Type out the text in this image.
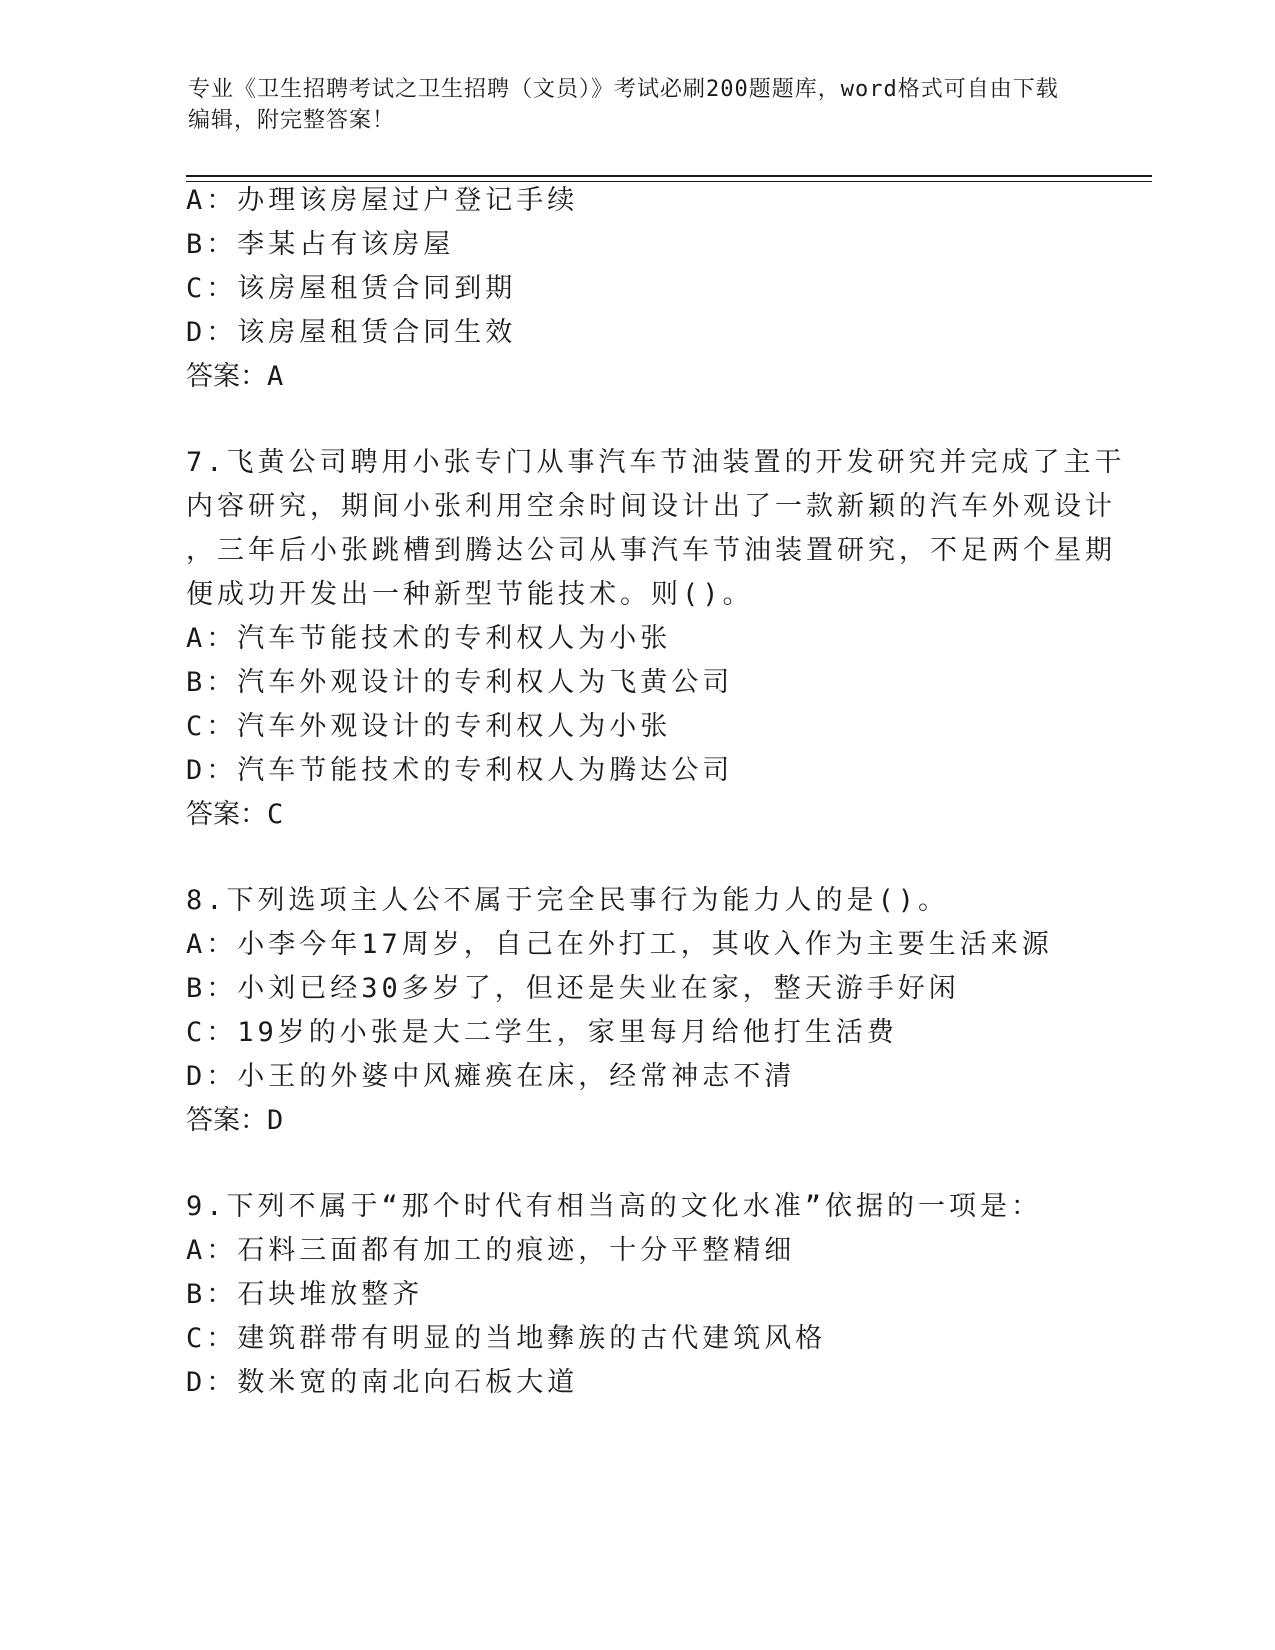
专业《卫生招聘考试之卫生招聘（文员）》考试必刷200题题库，word格式可自由下载编辑，附完整答案！
A：办理该房屋过户登记手续
B：李某占有该房屋
C：该房屋租赁合同到期
D：该房屋租赁合同生效
答案：A
7.飞黄公司聘用小张专门从事汽车节油装置的开发研究并完成了主干
内容研究，期间小张利用空余时间设计出了一款新颖的汽车外观设计
，三年后小张跳槽到腾达公司从事汽车节油装置研究，不足两个星期
便成功开发出一种新型节能技术。则()。
A：汽车节能技术的专利权人为小张
B：汽车外观设计的专利权人为飞黄公司
C：汽车外观设计的专利权人为小张
D：汽车节能技术的专利权人为腾达公司
答案：C
8.下列选项主人公不属于完全民事行为能力人的是()。
A：小李今年17周岁，自己在外打工，其收入作为主要生活来源
B：小刘已经30多岁了，但还是失业在家，整天游手好闲
C：19岁的小张是大二学生，家里每月给他打生活费
D：小王的外婆中风瘫痪在床，经常神志不清
答案：D
9.下列不属于“那个时代有相当高的文化水准”依据的一项是：
A：石料三面都有加工的痕迹，十分平整精细
B：石块堆放整齐
C：建筑群带有明显的当地彝族的古代建筑风格
D：数米宽的南北向石板大道
